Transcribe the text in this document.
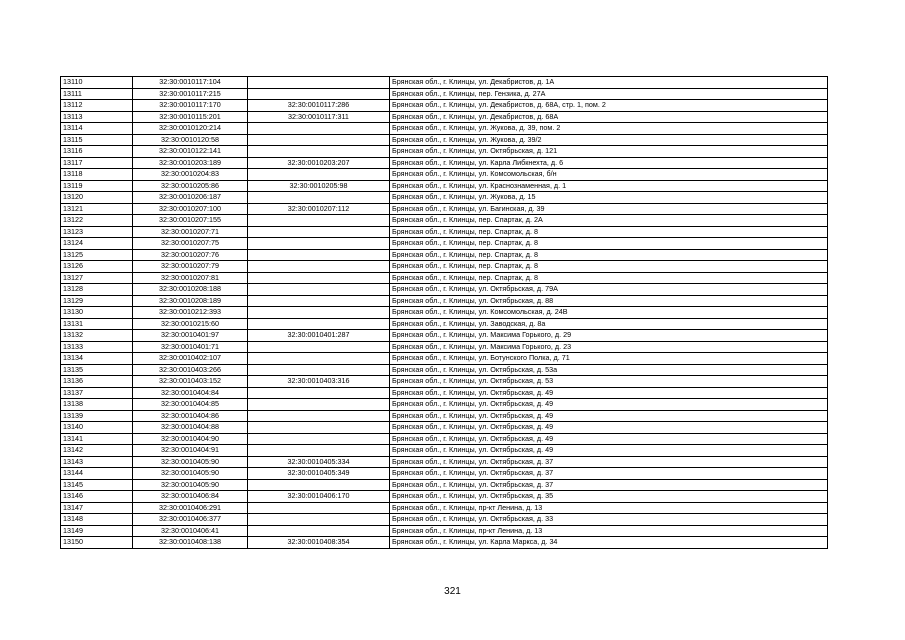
13110	32:30:0010117:104		Брянская обл., г. Клинцы, ул. Декабристов, д. 1А
13111	32:30:0010117:215		Брянская обл., г. Клинцы, пер. Гензика, д. 27А
13112	32:30:0010117:170	32:30:0010117:286	Брянская обл., г. Клинцы, ул. Декабристов, д. 68А, стр. 1, пом. 2
13113	32:30:0010115:201	32:30:0010117:311	Брянская обл., г. Клинцы, ул. Декабристов, д. 68А
13114	32:30:0010120:214		Брянская обл., г. Клинцы, ул. Жукова, д. 39, пом. 2
13115	32:30:0010120:58		Брянская обл., г. Клинцы, ул. Жукова, д. 39/2
13116	32:30:0010122:141		Брянская обл., г. Клинцы, ул. Октябрьская, д. 121
13117	32:30:0010203:189	32:30:0010203:207	Брянская обл., г. Клинцы, ул. Карла Либкнехта, д. 6
13118	32:30:0010204:83		Брянская обл., г. Клинцы, ул. Комсомольская, б/н
13119	32:30:0010205:86	32:30:0010205:98	Брянская обл., г. Клинцы, ул. Краснознаменная, д. 1
13120	32:30:0010206:187		Брянская обл., г. Клинцы, ул. Жукова, д. 15
13121	32:30:0010207:100	32:30:0010207:112	Брянская обл., г. Клинцы, ул. Багинская, д. 39
13122	32:30:0010207:155		Брянская обл., г. Клинцы, пер. Спартак, д. 2А
13123	32:30:0010207:71		Брянская обл., г. Клинцы, пер. Спартак, д. 8
13124	32:30:0010207:75		Брянская обл., г. Клинцы, пер. Спартак, д. 8
13125	32:30:0010207:76		Брянская обл., г. Клинцы, пер. Спартак, д. 8
13126	32:30:0010207:79		Брянская обл., г. Клинцы, пер. Спартак, д. 8
13127	32:30:0010207:81		Брянская обл., г. Клинцы, пер. Спартак, д. 8
13128	32:30:0010208:188		Брянская обл., г. Клинцы, ул. Октябрьская, д. 79А
13129	32:30:0010208:189		Брянская обл., г. Клинцы, ул. Октябрьская, д. 88
13130	32:30:0010212:393		Брянская обл., г. Клинцы, ул. Комсомольская, д. 24В
13131	32:30:0010215:60		Брянская обл., г. Клинцы, ул. Заводская, д. 8а
13132	32:30:0010401:97	32:30:0010401:287	Брянская обл., г. Клинцы, ул. Максима Горького, д. 29
13133	32:30:0010401:71		Брянская обл., г. Клинцы, ул. Максима Горького, д. 23
13134	32:30:0010402:107		Брянская обл., г. Клинцы, ул. Ботунского Полка, д. 71
13135	32:30:0010403:266		Брянская обл., г. Клинцы, ул. Октябрьская, д. 53а
13136	32:30:0010403:152	32:30:0010403:316	Брянская обл., г. Клинцы, ул. Октябрьская, д. 53
13137	32:30:0010404:84		Брянская обл., г. Клинцы, ул. Октябрьская, д. 49
13138	32:30:0010404:85		Брянская обл., г. Клинцы, ул. Октябрьская, д. 49
13139	32:30:0010404:86		Брянская обл., г. Клинцы, ул. Октябрьская, д. 49
13140	32:30:0010404:88		Брянская обл., г. Клинцы, ул. Октябрьская, д. 49
13141	32:30:0010404:90		Брянская обл., г. Клинцы, ул. Октябрьская, д. 49
13142	32:30:0010404:91		Брянская обл., г. Клинцы, ул. Октябрьская, д. 49
13143	32:30:0010405:90	32:30:0010405:334	Брянская обл., г. Клинцы, ул. Октябрьская, д. 37
13144	32:30:0010405:90	32:30:0010405:349	Брянская обл., г. Клинцы, ул. Октябрьская, д. 37
13145	32:30:0010405:90		Брянская обл., г. Клинцы, ул. Октябрьская, д. 37
13146	32:30:0010406:84	32:30:0010406:170	Брянская обл., г. Клинцы, ул. Октябрьская, д. 35
13147	32:30:0010406:291		Брянская обл., г. Клинцы, пр-кт Ленина, д. 13
13148	32:30:0010406:377		Брянская обл., г. Клинцы, ул. Октябрьская, д. 33
13149	32:30:0010406:41		Брянская обл., г. Клинцы, пр-кт Ленина, д. 13
13150	32:30:0010408:138	32:30:0010408:354	Брянская обл., г. Клинцы, ул. Карла Маркса, д. 34
321
